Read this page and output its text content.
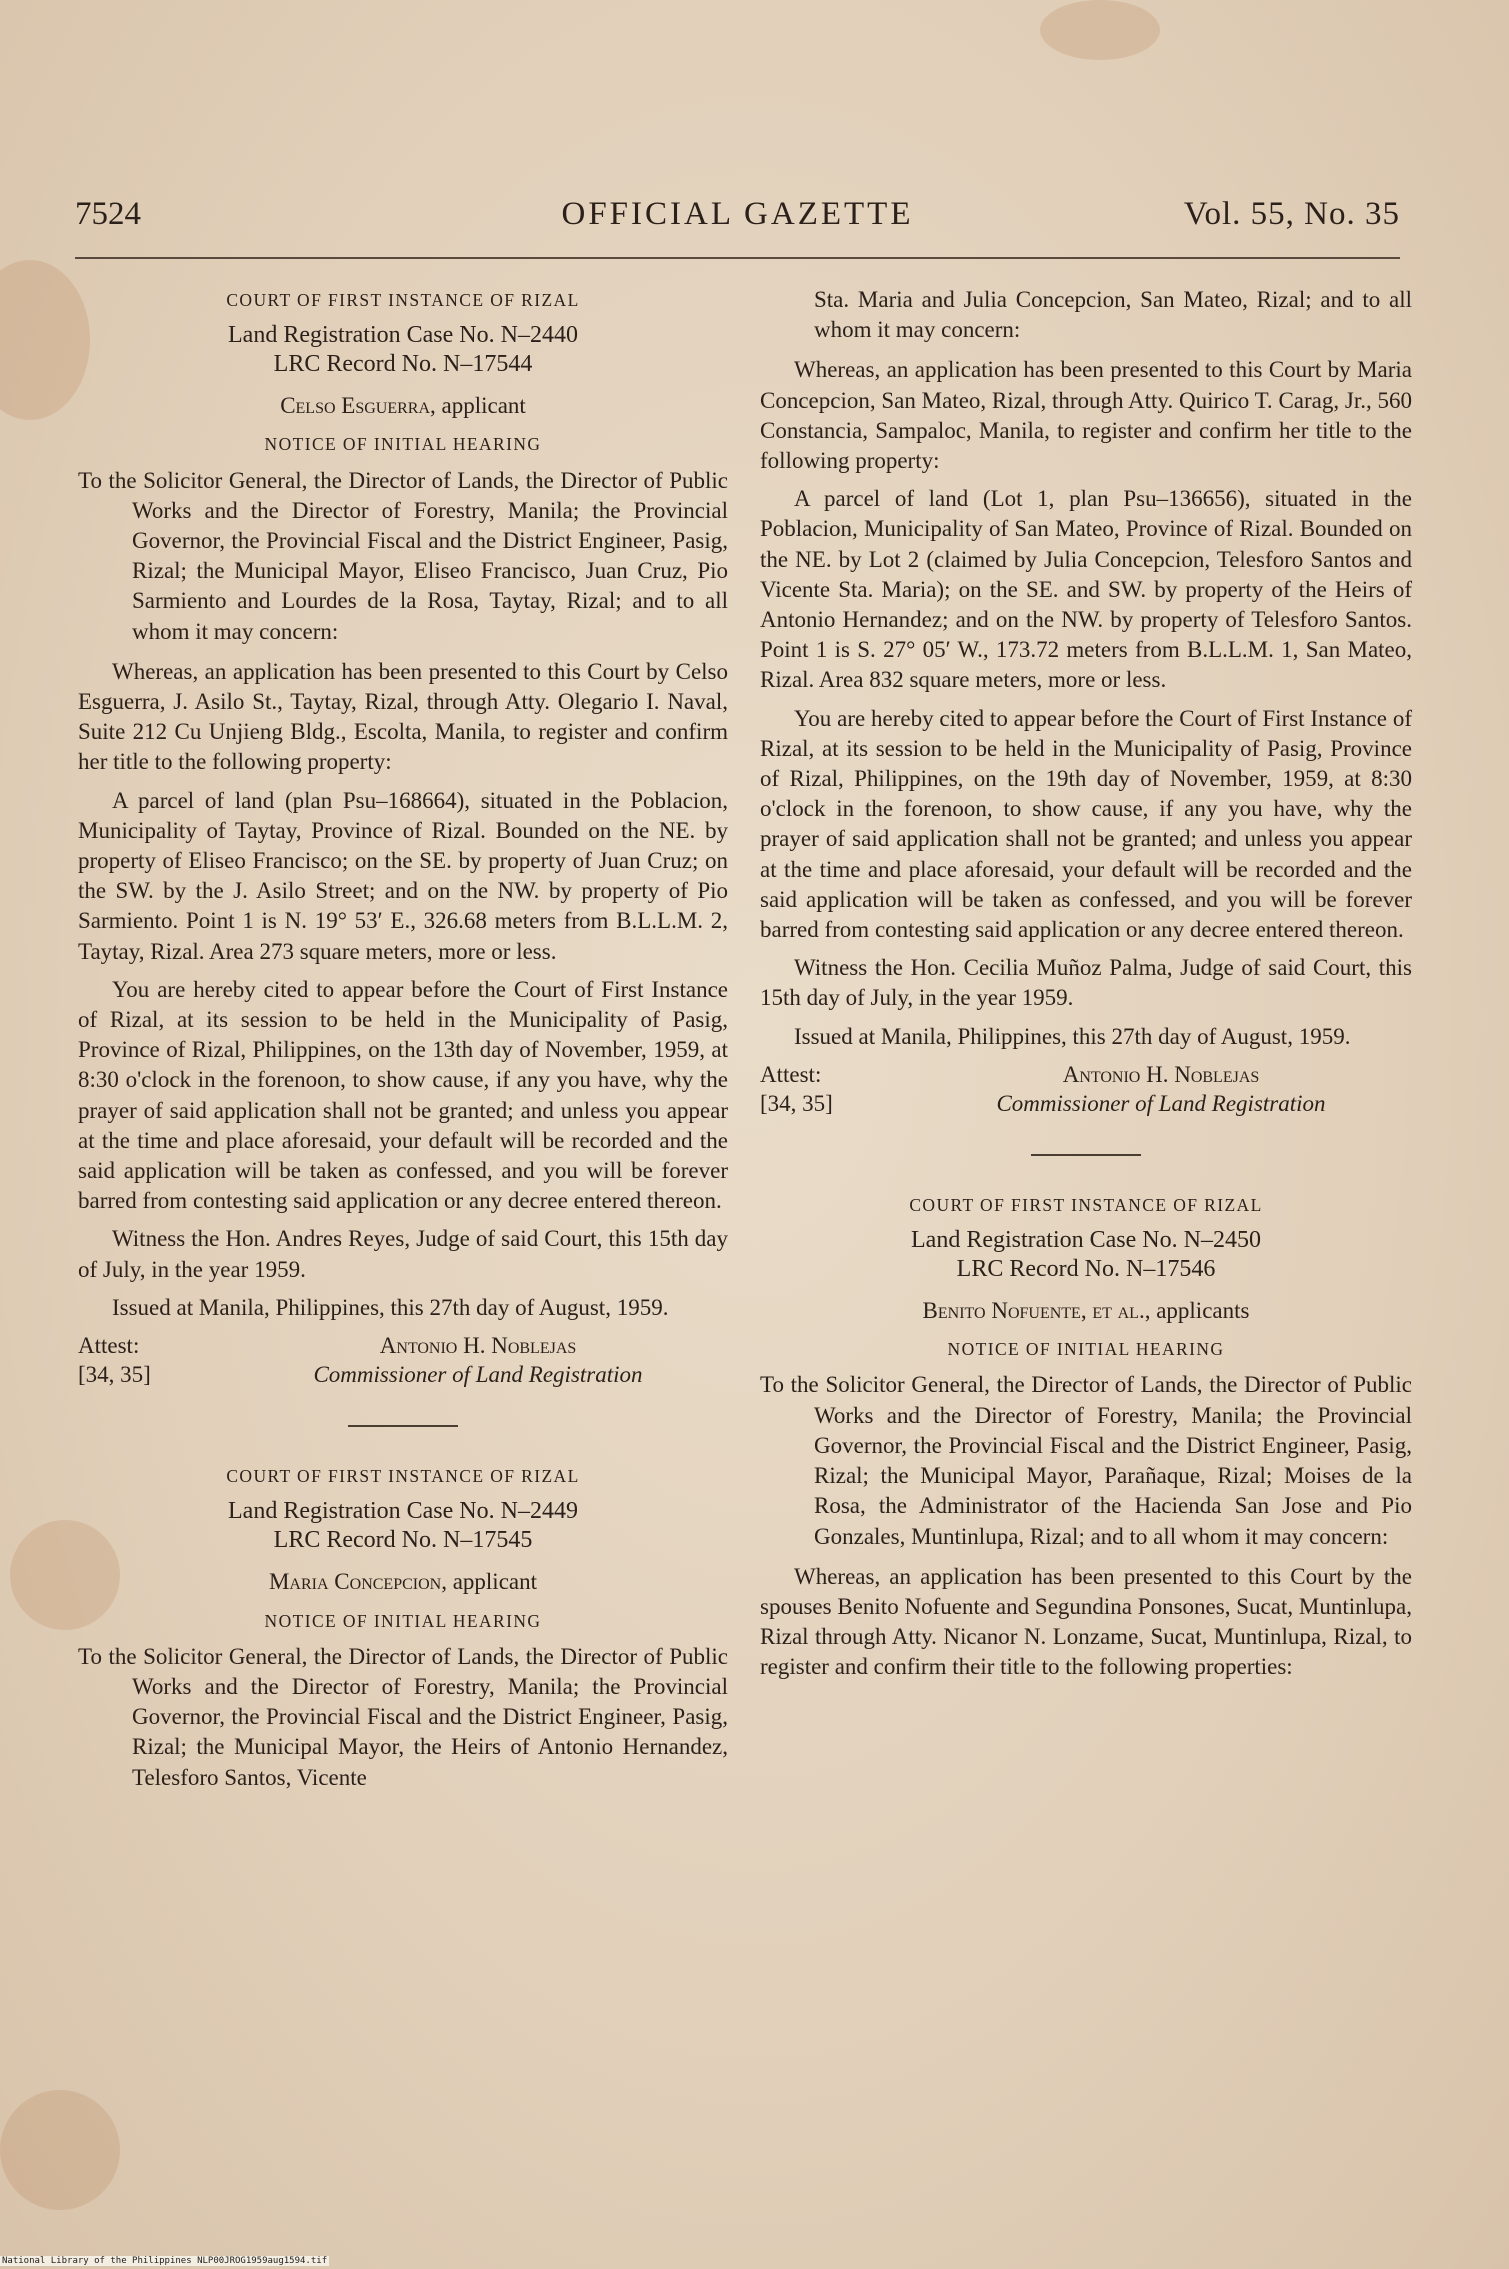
7524	OFFICIAL GAZETTE	Vol. 55, No. 35

COURT OF FIRST INSTANCE OF RIZAL

Land Registration Case No. N–2440

LRC Record No. N–17544

Celso Esguerra, applicant

NOTICE OF INITIAL HEARING

To the Solicitor General, the Director of Lands, the Director of Public Works and the Director of Forestry, Manila; the Provincial Governor, the Provincial Fiscal and the District Engineer, Pasig, Rizal; the Municipal Mayor, Eliseo Francisco, Juan Cruz, Pio Sarmiento and Lourdes de la Rosa, Taytay, Rizal; and to all whom it may concern:

Whereas, an application has been presented to this Court by Celso Esguerra, J. Asilo St., Taytay, Rizal, through Atty. Olegario I. Naval, Suite 212 Cu Unjieng Bldg., Escolta, Manila, to register and confirm her title to the following property:

A parcel of land (plan Psu–168664), situated in the Poblacion, Municipality of Taytay, Province of Rizal. Bounded on the NE. by property of Eliseo Francisco; on the SE. by property of Juan Cruz; on the SW. by the J. Asilo Street; and on the NW. by property of Pio Sarmiento. Point 1 is N. 19° 53′ E., 326.68 meters from B.L.L.M. 2, Taytay, Rizal. Area 273 square meters, more or less.

You are hereby cited to appear before the Court of First Instance of Rizal, at its session to be held in the Municipality of Pasig, Province of Rizal, Philippines, on the 13th day of November, 1959, at 8:30 o'clock in the forenoon, to show cause, if any you have, why the prayer of said application shall not be granted; and unless you appear at the time and place aforesaid, your default will be recorded and the said application will be taken as confessed, and you will be forever barred from contesting said application or any decree entered thereon.

Witness the Hon. Andres Reyes, Judge of said Court, this 15th day of July, in the year 1959.

Issued at Manila, Philippines, this 27th day of August, 1959.

Attest:	Antonio H. Noblejas
[34, 35]	Commissioner of Land Registration

COURT OF FIRST INSTANCE OF RIZAL

Land Registration Case No. N–2449

LRC Record No. N–17545

Maria Concepcion, applicant

NOTICE OF INITIAL HEARING

To the Solicitor General, the Director of Lands, the Director of Public Works and the Director of Forestry, Manila; the Provincial Governor, the Provincial Fiscal and the District Engineer, Pasig, Rizal; the Municipal Mayor, the Heirs of Antonio Hernandez, Telesforo Santos, Vicente

Sta. Maria and Julia Concepcion, San Mateo, Rizal; and to all whom it may concern:

Whereas, an application has been presented to this Court by Maria Concepcion, San Mateo, Rizal, through Atty. Quirico T. Carag, Jr., 560 Constancia, Sampaloc, Manila, to register and confirm her title to the following property:

A parcel of land (Lot 1, plan Psu–136656), situated in the Poblacion, Municipality of San Mateo, Province of Rizal. Bounded on the NE. by Lot 2 (claimed by Julia Concepcion, Telesforo Santos and Vicente Sta. Maria); on the SE. and SW. by property of the Heirs of Antonio Hernandez; and on the NW. by property of Telesforo Santos. Point 1 is S. 27° 05′ W., 173.72 meters from B.L.L.M. 1, San Mateo, Rizal. Area 832 square meters, more or less.

You are hereby cited to appear before the Court of First Instance of Rizal, at its session to be held in the Municipality of Pasig, Province of Rizal, Philippines, on the 19th day of November, 1959, at 8:30 o'clock in the forenoon, to show cause, if any you have, why the prayer of said application shall not be granted; and unless you appear at the time and place aforesaid, your default will be recorded and the said application will be taken as confessed, and you will be forever barred from contesting said application or any decree entered thereon.

Witness the Hon. Cecilia Muñoz Palma, Judge of said Court, this 15th day of July, in the year 1959.

Issued at Manila, Philippines, this 27th day of August, 1959.

Attest:	Antonio H. Noblejas
[34, 35]	Commissioner of Land Registration

COURT OF FIRST INSTANCE OF RIZAL

Land Registration Case No. N–2450

LRC Record No. N–17546

Benito Nofuente, et al., applicants

NOTICE OF INITIAL HEARING

To the Solicitor General, the Director of Lands, the Director of Public Works and the Director of Forestry, Manila; the Provincial Governor, the Provincial Fiscal and the District Engineer, Pasig, Rizal; the Municipal Mayor, Parañaque, Rizal; Moises de la Rosa, the Administrator of the Hacienda San Jose and Pio Gonzales, Muntinlupa, Rizal; and to all whom it may concern:

Whereas, an application has been presented to this Court by the spouses Benito Nofuente and Segundina Ponsones, Sucat, Muntinlupa, Rizal through Atty. Nicanor N. Lonzame, Sucat, Muntinlupa, Rizal, to register and confirm their title to the following properties:

National Library of the Philippines NLP00JROG1959aug1594.tif
